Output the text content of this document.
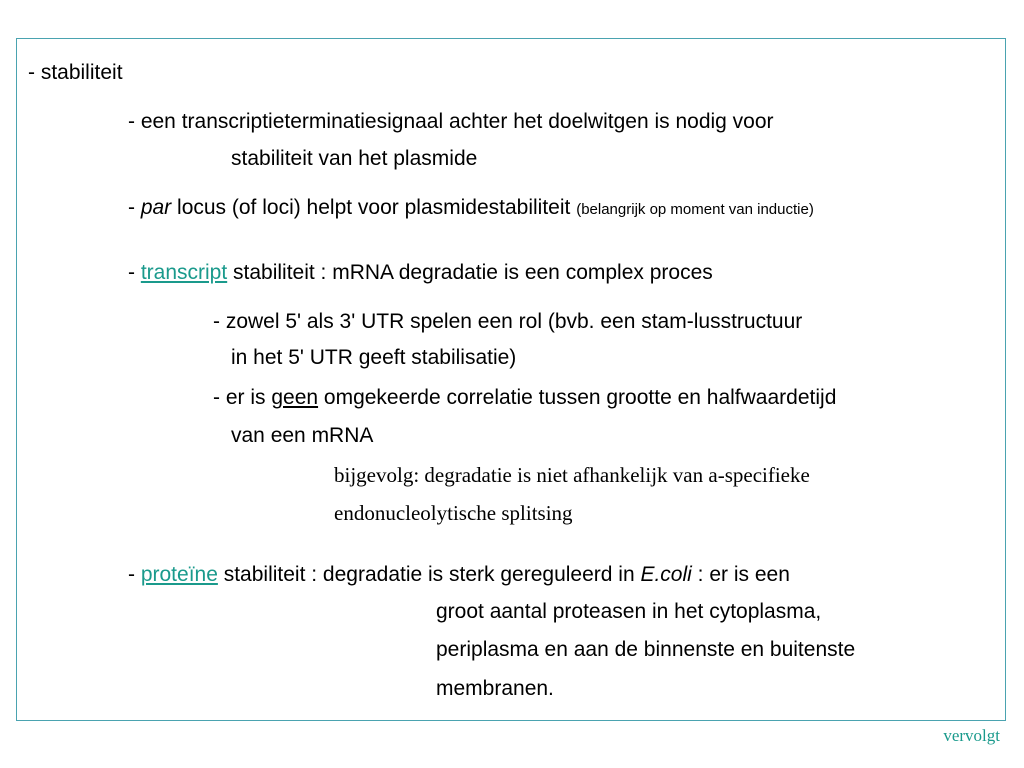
- stabiliteit
- een transcriptieterminatiesignaal achter het doelwitgen is nodig voor
stabiliteit van het plasmide
- par locus (of loci) helpt voor plasmidestabiliteit (belangrijk op moment van inductie)
- transcript stabiliteit : mRNA degradatie is een complex proces
- zowel 5' als 3' UTR spelen een rol (bvb. een stam-lusstructuur
in het 5' UTR geeft stabilisatie)
- er is geen omgekeerde correlatie tussen grootte en halfwaardetijd
van een mRNA
bijgevolg: degradatie is niet afhankelijk van a-specifieke
endonucleolytische splitsing
- proteïne stabiliteit : degradatie is sterk gereguleerd in E.coli : er is een
groot aantal proteasen in het cytoplasma,
periplasma en aan de binnenste en buitenste
membranen.
vervolgt
